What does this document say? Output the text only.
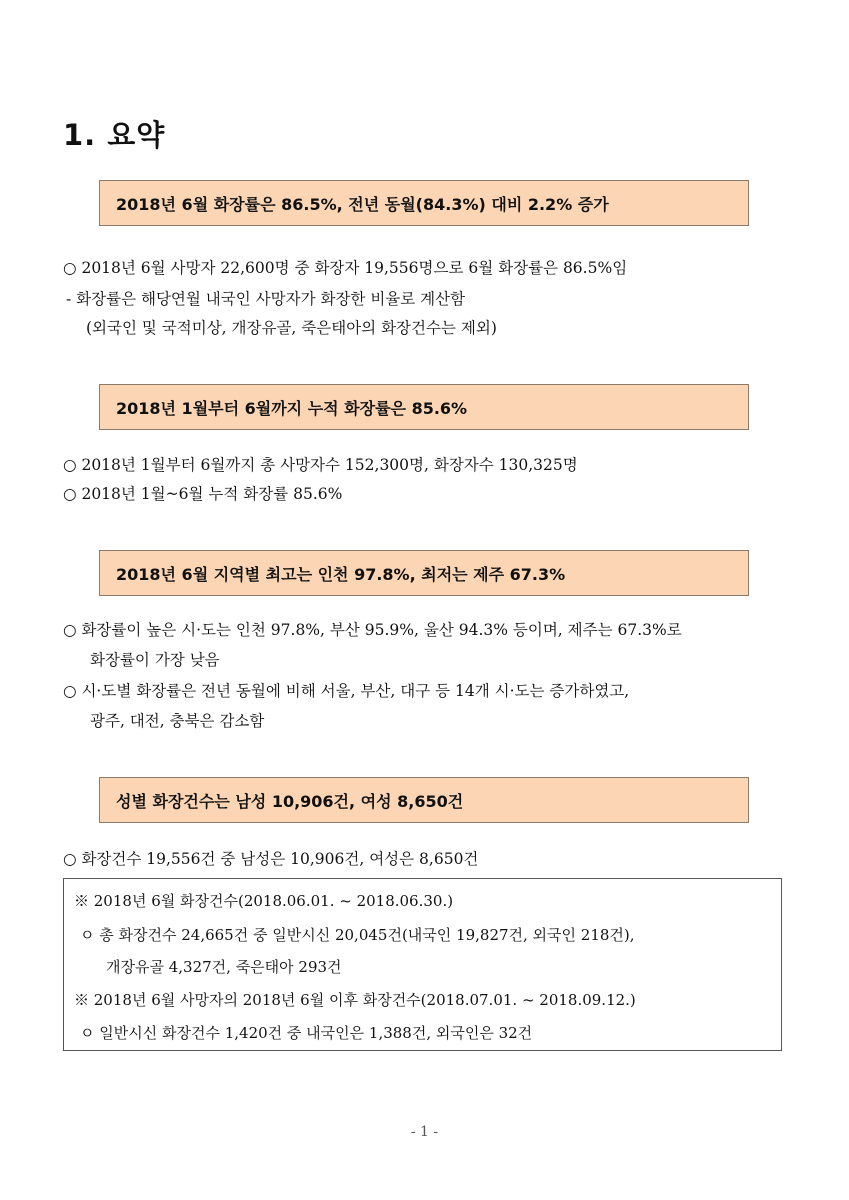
1. 요약
2018년 6월 화장률은 86.5%, 전년 동월(84.3%) 대비 2.2% 증가
○ 2018년 6월 사망자 22,600명 중 화장자 19,556명으로 6월 화장률은 86.5%임
- 화장률은 해당연월 내국인 사망자가 화장한 비율로 계산함
(외국인 및 국적미상, 개장유골, 죽은태아의 화장건수는 제외)
2018년 1월부터 6월까지 누적 화장률은 85.6%
○ 2018년 1월부터 6월까지 총 사망자수 152,300명, 화장자수 130,325명
○ 2018년 1월~6월 누적 화장률 85.6%
2018년 6월 지역별 최고는 인천 97.8%, 최저는 제주 67.3%
○ 화장률이 높은 시·도는 인천 97.8%, 부산 95.9%, 울산 94.3% 등이며, 제주는 67.3%로
화장률이 가장 낮음
○ 시·도별 화장률은 전년 동월에 비해 서울, 부산, 대구 등 14개 시·도는 증가하였고,
광주, 대전, 충북은 감소함
성별 화장건수는 남성 10,906건, 여성 8,650건
○ 화장건수 19,556건 중 남성은 10,906건, 여성은 8,650건
※ 2018년 6월 화장건수(2018.06.01. ~ 2018.06.30.)
ㅇ 총 화장건수 24,665건 중 일반시신 20,045건(내국인 19,827건, 외국인 218건),
개장유골 4,327건, 죽은태아 293건
※ 2018년 6월 사망자의 2018년 6월 이후 화장건수(2018.07.01. ~ 2018.09.12.)
ㅇ 일반시신 화장건수 1,420건 중 내국인은 1,388건, 외국인은 32건
- 1 -
